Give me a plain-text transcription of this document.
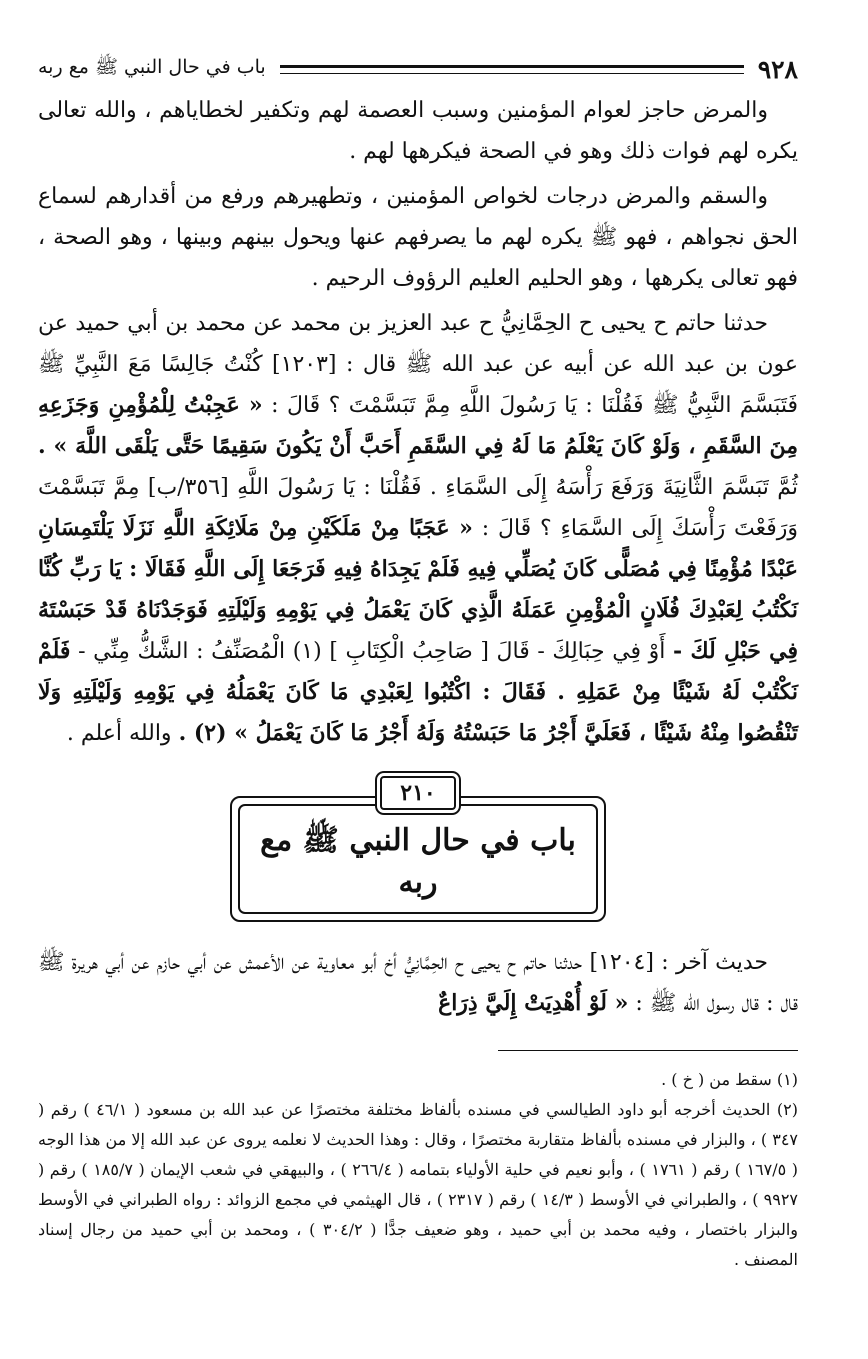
٩٢٨
باب في حال النبي ﷺ مع ربه

والمرض حاجز لعوام المؤمنين وسبب العصمة لهم وتكفير لخطاياهم ، والله تعالى يكره لهم فوات ذلك وهو في الصحة فيكرهها لهم .

والسقم والمرض درجات لخواص المؤمنين ، وتطهيرهم ورفع من أقدارهم لسماع الحق نجواهم ، فهو ﷺ يكره لهم ما يصرفهم عنها ويحول بينهم وبينها ، وهو الصحة ، فهو تعالى يكرهها ، وهو الحليم العليم الرؤوف الرحيم .

حدثنا حاتم ح يحيى ح الحِمَّانِيُّ ح عبد العزيز بن محمد عن محمد بن أبي حميد عن عون بن عبد الله عن أبيه عن عبد الله ﷺ قال : [١٢٠٣] كُنْتُ جَالِسًا مَعَ النَّبِيِّ ﷺ فَتَبَسَّمَ النَّبِيُّ ﷺ فَقُلْنَا : يَا رَسُولَ اللَّهِ مِمَّ تَبَسَّمْتَ ؟ قَالَ : « عَجِبْتُ لِلْمُؤْمِنِ وَجَزَعِهِ مِنَ السَّقَمِ ، وَلَوْ كَانَ يَعْلَمُ مَا لَهُ فِي السَّقَمِ أَحَبَّ أَنْ يَكُونَ سَقِيمًا حَتَّى يَلْقَى اللَّهَ » . ثُمَّ تَبَسَّمَ الثَّانِيَةَ وَرَفَعَ رَأْسَهُ إِلَى السَّمَاءِ . فَقُلْنَا : يَا رَسُولَ اللَّهِ [٣٥٦/ب] مِمَّ تَبَسَّمْتَ وَرَفَعْتَ رَأْسَكَ إِلَى السَّمَاءِ ؟ قَالَ : « عَجَبًا مِنْ مَلَكَيْنِ مِنْ مَلَائِكَةِ اللَّهِ نَزَلَا يَلْتَمِسَانِ عَبْدًا مُؤْمِنًا فِي مُصَلًّى كَانَ يُصَلِّي فِيهِ فَلَمْ يَجِدَاهُ فِيهِ فَرَجَعَا إِلَى اللَّهِ فَقَالَا : يَا رَبِّ كُنَّا نَكْتُبُ لِعَبْدِكَ فُلَانٍ الْمُؤْمِنِ عَمَلَهُ الَّذِي كَانَ يَعْمَلُ فِي يَوْمِهِ وَلَيْلَتِهِ فَوَجَدْنَاهُ قَدْ حَبَسْتَهُ فِي حَبْلِ لَكَ - أَوْ فِي حِبَالِكَ - قَالَ [ صَاحِبُ الْكِتَابِ ] (١) الْمُصَنِّفُ : الشَّكُّ مِنِّي - فَلَمْ نَكْتُبْ لَهُ شَيْئًا مِنْ عَمَلِهِ . فَقَالَ : اكْتُبُوا لِعَبْدِي مَا كَانَ يَعْمَلُهُ فِي يَوْمِهِ وَلَيْلَتِهِ وَلَا تَنْقُصُوا مِنْهُ شَيْئًا ، فَعَلَيَّ أَجْرُ مَا حَبَسْتُهُ وَلَهُ أَجْرُ مَا كَانَ يَعْمَلُ » (٢) . والله أعلم .

٢١٠
باب في حال النبي ﷺ مع ربه

حديث آخر : [١٢٠٤] حدثنا حاتم ح يحيى ح الحِمَّانِيُّ أخ أبو معاوية عن الأعمش عن أبي حازم عن أبي هريرة ﷺ قال : قال رسول الله ﷺ : « لَوْ أُهْدِيَتْ إِلَيَّ ذِرَاعٌ

(١) سقط من ( خ ) .

(٢) الحديث أخرجه أبو داود الطيالسي في مسنده بألفاظ مختلفة مختصرًا عن عبد الله بن مسعود ( ٤٦/١ ) رقم ( ٣٤٧ ) ، والبزار في مسنده بألفاظ متقاربة مختصرًا ، وقال : وهذا الحديث لا نعلمه يروى عن عبد الله إلا من هذا الوجه ( ١٦٧/٥ ) رقم ( ١٧٦١ ) ، وأبو نعيم في حلية الأولياء بتمامه ( ٢٦٦/٤ ) ، والبيهقي في شعب الإيمان ( ١٨٥/٧ ) رقم ( ٩٩٢٧ ) ، والطبراني في الأوسط ( ١٤/٣ ) رقم ( ٢٣١٧ ) ، قال الهيثمي في مجمع الزوائد : رواه الطبراني في الأوسط والبزار باختصار ، وفيه محمد بن أبي حميد ، وهو ضعيف جدًّا ( ٣٠٤/٢ ) ، ومحمد بن أبي حميد من رجال إسناد المصنف .
